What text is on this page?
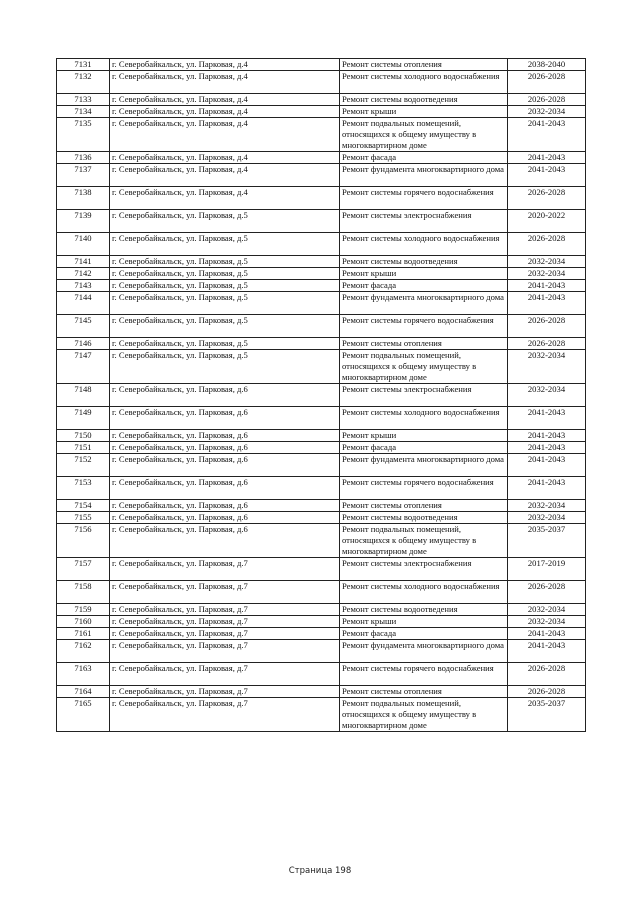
7131	г. Северобайкальск, ул. Парковая, д.4	Ремонт системы отопления	2038-2040
7132	г. Северобайкальск, ул. Парковая, д.4	Ремонт системы холодного водоснабжения	2026-2028
7133	г. Северобайкальск, ул. Парковая, д.4	Ремонт системы водоотведения	2026-2028
7134	г. Северобайкальск, ул. Парковая, д.4	Ремонт крыши	2032-2034
7135	г. Северобайкальск, ул. Парковая, д.4	Ремонт подвальных помещений, относящихся к общему имуществу в многоквартирном доме	2041-2043
7136	г. Северобайкальск, ул. Парковая, д.4	Ремонт фасада	2041-2043
7137	г. Северобайкальск, ул. Парковая, д.4	Ремонт фундамента многоквартирного дома	2041-2043
7138	г. Северобайкальск, ул. Парковая, д.4	Ремонт системы горячего водоснабжения	2026-2028
7139	г. Северобайкальск, ул. Парковая, д.5	Ремонт системы электроснабжения	2020-2022
7140	г. Северобайкальск, ул. Парковая, д.5	Ремонт системы холодного водоснабжения	2026-2028
7141	г. Северобайкальск, ул. Парковая, д.5	Ремонт системы водоотведения	2032-2034
7142	г. Северобайкальск, ул. Парковая, д.5	Ремонт крыши	2032-2034
7143	г. Северобайкальск, ул. Парковая, д.5	Ремонт фасада	2041-2043
7144	г. Северобайкальск, ул. Парковая, д.5	Ремонт фундамента многоквартирного дома	2041-2043
7145	г. Северобайкальск, ул. Парковая, д.5	Ремонт системы горячего водоснабжения	2026-2028
7146	г. Северобайкальск, ул. Парковая, д.5	Ремонт системы отопления	2026-2028
7147	г. Северобайкальск, ул. Парковая, д.5	Ремонт подвальных помещений, относящихся к общему имуществу в многоквартирном доме	2032-2034
7148	г. Северобайкальск, ул. Парковая, д.6	Ремонт системы электроснабжения	2032-2034
7149	г. Северобайкальск, ул. Парковая, д.6	Ремонт системы холодного водоснабжения	2041-2043
7150	г. Северобайкальск, ул. Парковая, д.6	Ремонт крыши	2041-2043
7151	г. Северобайкальск, ул. Парковая, д.6	Ремонт фасада	2041-2043
7152	г. Северобайкальск, ул. Парковая, д.6	Ремонт фундамента многоквартирного дома	2041-2043
7153	г. Северобайкальск, ул. Парковая, д.6	Ремонт системы горячего водоснабжения	2041-2043
7154	г. Северобайкальск, ул. Парковая, д.6	Ремонт системы отопления	2032-2034
7155	г. Северобайкальск, ул. Парковая, д.6	Ремонт системы водоотведения	2032-2034
7156	г. Северобайкальск, ул. Парковая, д.6	Ремонт подвальных помещений, относящихся к общему имуществу в многоквартирном доме	2035-2037
7157	г. Северобайкальск, ул. Парковая, д.7	Ремонт системы электроснабжения	2017-2019
7158	г. Северобайкальск, ул. Парковая, д.7	Ремонт системы холодного водоснабжения	2026-2028
7159	г. Северобайкальск, ул. Парковая, д.7	Ремонт системы водоотведения	2032-2034
7160	г. Северобайкальск, ул. Парковая, д.7	Ремонт крыши	2032-2034
7161	г. Северобайкальск, ул. Парковая, д.7	Ремонт фасада	2041-2043
7162	г. Северобайкальск, ул. Парковая, д.7	Ремонт фундамента многоквартирного дома	2041-2043
7163	г. Северобайкальск, ул. Парковая, д.7	Ремонт системы горячего водоснабжения	2026-2028
7164	г. Северобайкальск, ул. Парковая, д.7	Ремонт системы отопления	2026-2028
7165	г. Северобайкальск, ул. Парковая, д.7	Ремонт подвальных помещений, относящихся к общему имуществу в многоквартирном доме	2035-2037
Страница 198
